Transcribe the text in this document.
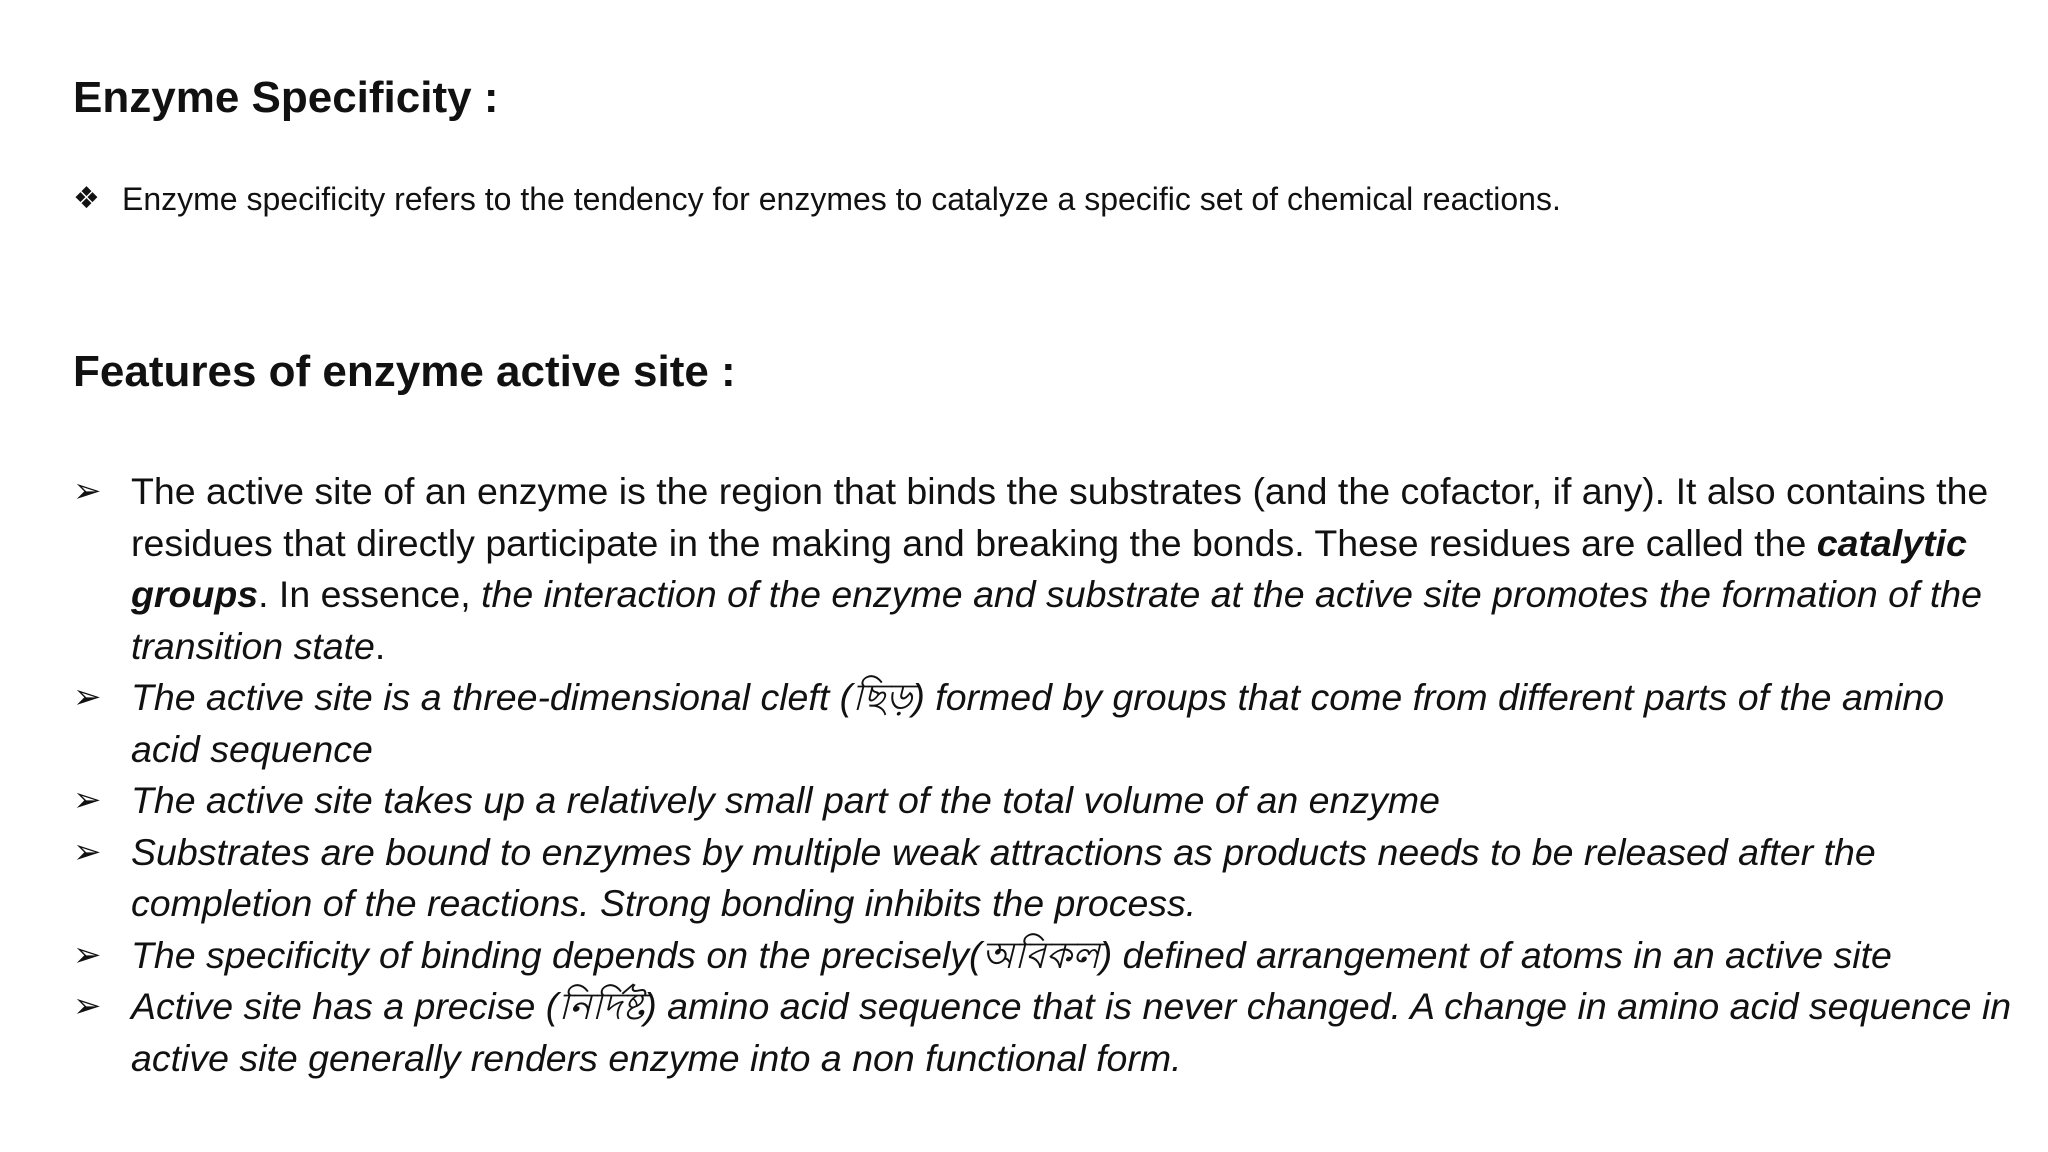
Enzyme Specificity :
❖ Enzyme specificity refers to the tendency for enzymes to catalyze a specific set of chemical reactions.
Features of enzyme active site :
➢ The active site of an enzyme is the region that binds the substrates (and the cofactor, if any). It also contains the residues that directly participate in the making and breaking the bonds. These residues are called the catalytic groups. In essence, the interaction of the enzyme and substrate at the active site promotes the formation of the transition state.
➢ The active site is a three-dimensional cleft (ছিড়) formed by groups that come from different parts of the amino acid sequence
➢ The active site takes up a relatively small part of the total volume of an enzyme
➢ Substrates are bound to enzymes by multiple weak attractions as products needs to be released after the completion of the reactions. Strong bonding inhibits the process.
➢ The specificity of binding depends on the precisely(অবিকল) defined arrangement of atoms in an active site
➢ Active site has a precise (নির্দিষ্ট) amino acid sequence that is never changed. A change in amino acid sequence in active site generally renders enzyme into a non functional form.
